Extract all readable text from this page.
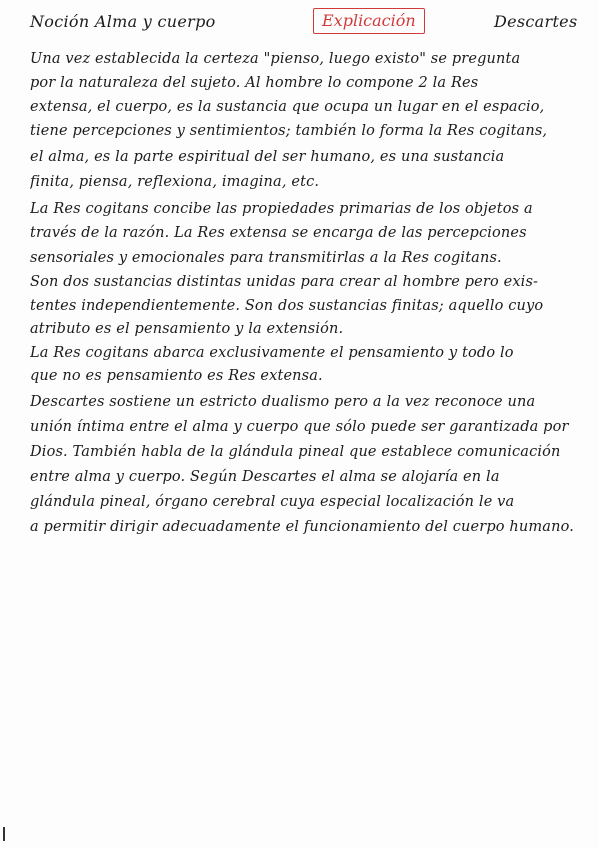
Noción Alma y cuerpo	Explicación	Descartes
Una vez establecida la certeza "pienso, luego existo" se pregunta
por la naturaleza del sujeto. Al hombre lo compone 2 la Res
extensa, el cuerpo, es la sustancia que ocupa un lugar en el espacio,
tiene percepciones y sentimientos; también lo forma la Res cogitans,
el alma, es la parte espiritual del ser humano, es una sustancia
finita, piensa, reflexiona, imagina, etc.
La Res cogitans concibe las propiedades primarias de los objetos a
través de la razón. La Res extensa se encarga de las percepciones
sensoriales y emocionales para transmitirlas a la Res cogitans.
Son dos sustancias distintas unidas para crear al hombre pero exis-
tentes independientemente. Son dos sustancias finitas; aquello cuyo
atributo es el pensamiento y la extensión.
La Res cogitans abarca exclusivamente el pensamiento y todo lo
que no es pensamiento es Res extensa.
Descartes sostiene un estricto dualismo pero a la vez reconoce una
unión íntima entre el alma y cuerpo que sólo puede ser garantizada por
Dios. También habla de la glándula pineal que establece comunicación
entre alma y cuerpo. Según Descartes el alma se alojaría en la
glándula pineal, órgano cerebral cuya especial localización le va
a permitir dirigir adecuadamente el funcionamiento del cuerpo humano.
